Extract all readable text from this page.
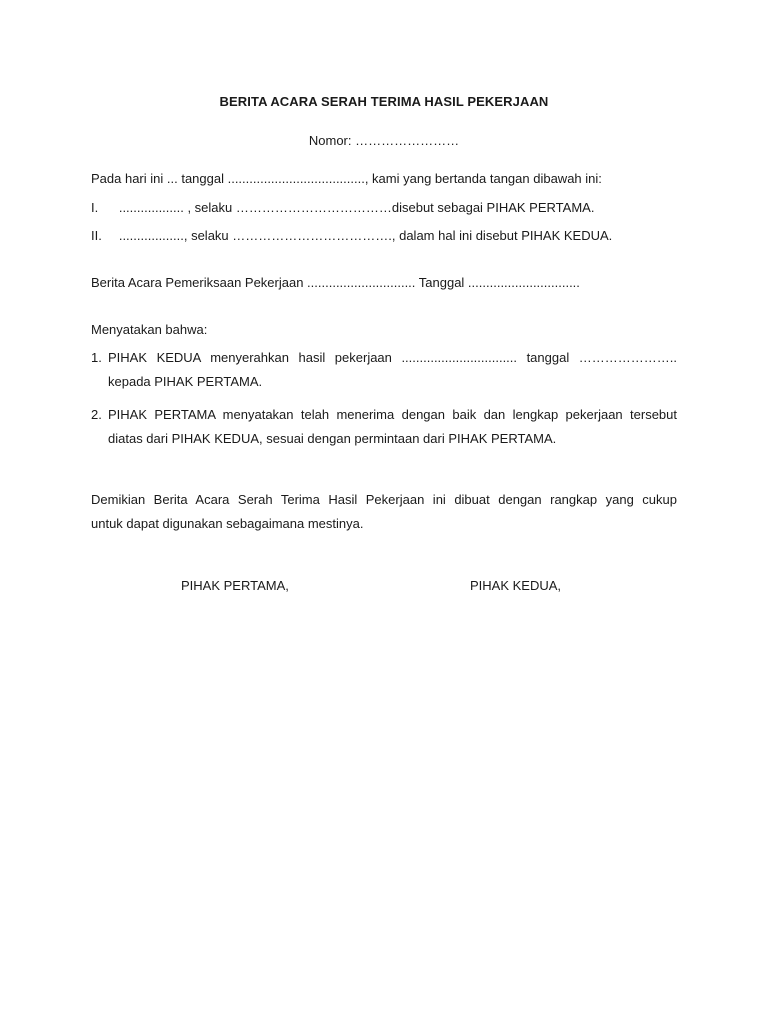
BERITA ACARA SERAH TERIMA HASIL PEKERJAAN
Nomor: ……………………
Pada hari ini ... tanggal ......................................, kami yang bertanda tangan dibawah ini:
I.   .................. , selaku ………………………………disebut sebagai PIHAK PERTAMA.
II.   .................., selaku ………………………………., dalam hal ini disebut PIHAK KEDUA.
Berita Acara Pemeriksaan Pekerjaan .............................. Tanggal ...............................
Menyatakan bahwa:
1. PIHAK KEDUA menyerahkan hasil pekerjaan ................................ tanggal …………………..
kepada PIHAK PERTAMA.
2. PIHAK PERTAMA menyatakan telah menerima dengan baik dan lengkap pekerjaan tersebut
diatas dari PIHAK KEDUA, sesuai dengan permintaan dari PIHAK PERTAMA.
Demikian Berita Acara Serah Terima Hasil Pekerjaan ini dibuat dengan rangkap yang cukup
untuk dapat digunakan sebagaimana mestinya.
PIHAK PERTAMA,	PIHAK KEDUA,
